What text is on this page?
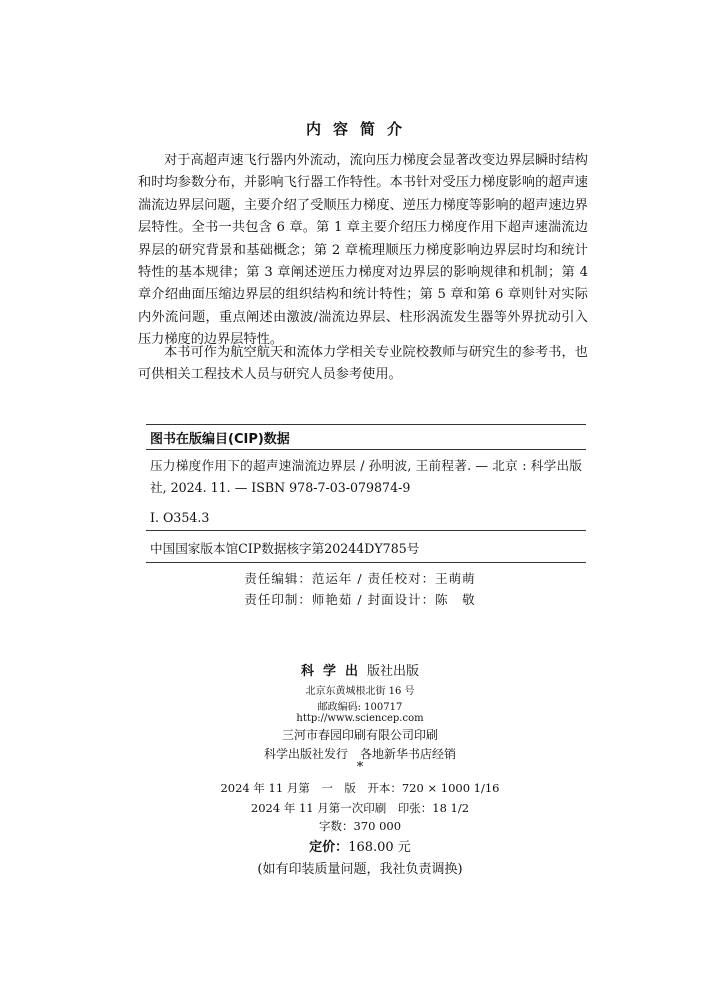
内容简介
对于高超声速飞行器内外流动，流向压力梯度会显著改变边界层瞬时结构和时均参数分布，并影响飞行器工作特性。本书针对受压力梯度影响的超声速湍流边界层问题，主要介绍了受顺压力梯度、逆压力梯度等影响的超声速边界层特性。全书一共包含 6 章。第 1 章主要介绍压力梯度作用下超声速湍流边界层的研究背景和基础概念；第 2 章梳理顺压力梯度影响边界层时均和统计特性的基本规律；第 3 章阐述逆压力梯度对边界层的影响规律和机制；第 4 章介绍曲面压缩边界层的组织结构和统计特性；第 5 章和第 6 章则针对实际内外流问题，重点阐述由激波/湍流边界层、柱形涡流发生器等外界扰动引入压力梯度的边界层特性。
本书可作为航空航天和流体力学相关专业院校教师与研究生的参考书，也可供相关工程技术人员与研究人员参考使用。
图书在版编目(CIP)数据
压力梯度作用下的超声速湍流边界层 / 孙明波, 王前程著. — 北京 : 科学出版社, 2024. 11. — ISBN 978-7-03-079874-9
Ⅰ. O354.3
中国国家版本馆CIP数据核字第20244DY785号
责任编辑：范运年 / 责任校对：王萌萌
责任印制：师艳茹 / 封面设计：陈　敬
科学出版社出版
北京东黄城根北街 16 号
邮政编码: 100717
http://www.sciencep.com
三河市春园印刷有限公司印刷
科学出版社发行　各地新华书店经销
*
2024 年 11 月第　一　版　开本：720 × 1000 1/16
2024 年 11 月第一次印刷　印张：18 1/2
字数：370 000
定价：168.00 元
(如有印装质量问题，我社负责调换)
